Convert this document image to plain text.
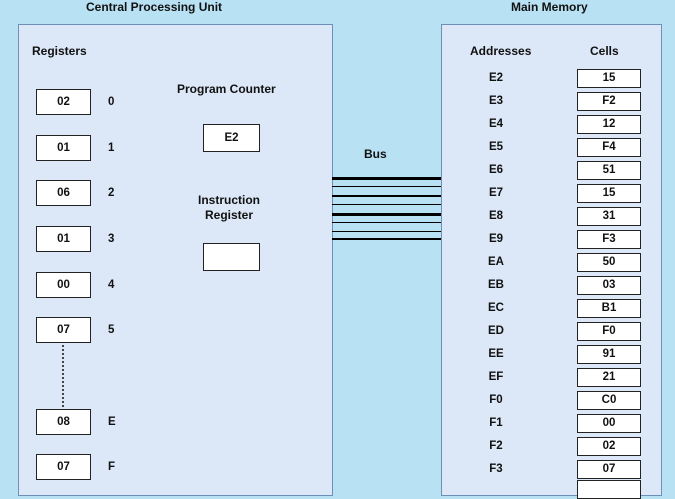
Central Processing Unit	Main Memory
Registers
02	0
01	1
06	2
01	3
00	4
07	5
08	E
07	F
Program Counter
E2
Instruction
Register
Bus
Addresses	Cells
E2	15
E3	F2
E4	12
E5	F4
E6	51
E7	15
E8	31
E9	F3
EA	50
EB	03
EC	B1
ED	F0
EE	91
EF	21
F0	C0
F1	00
F2	02
F3	07
